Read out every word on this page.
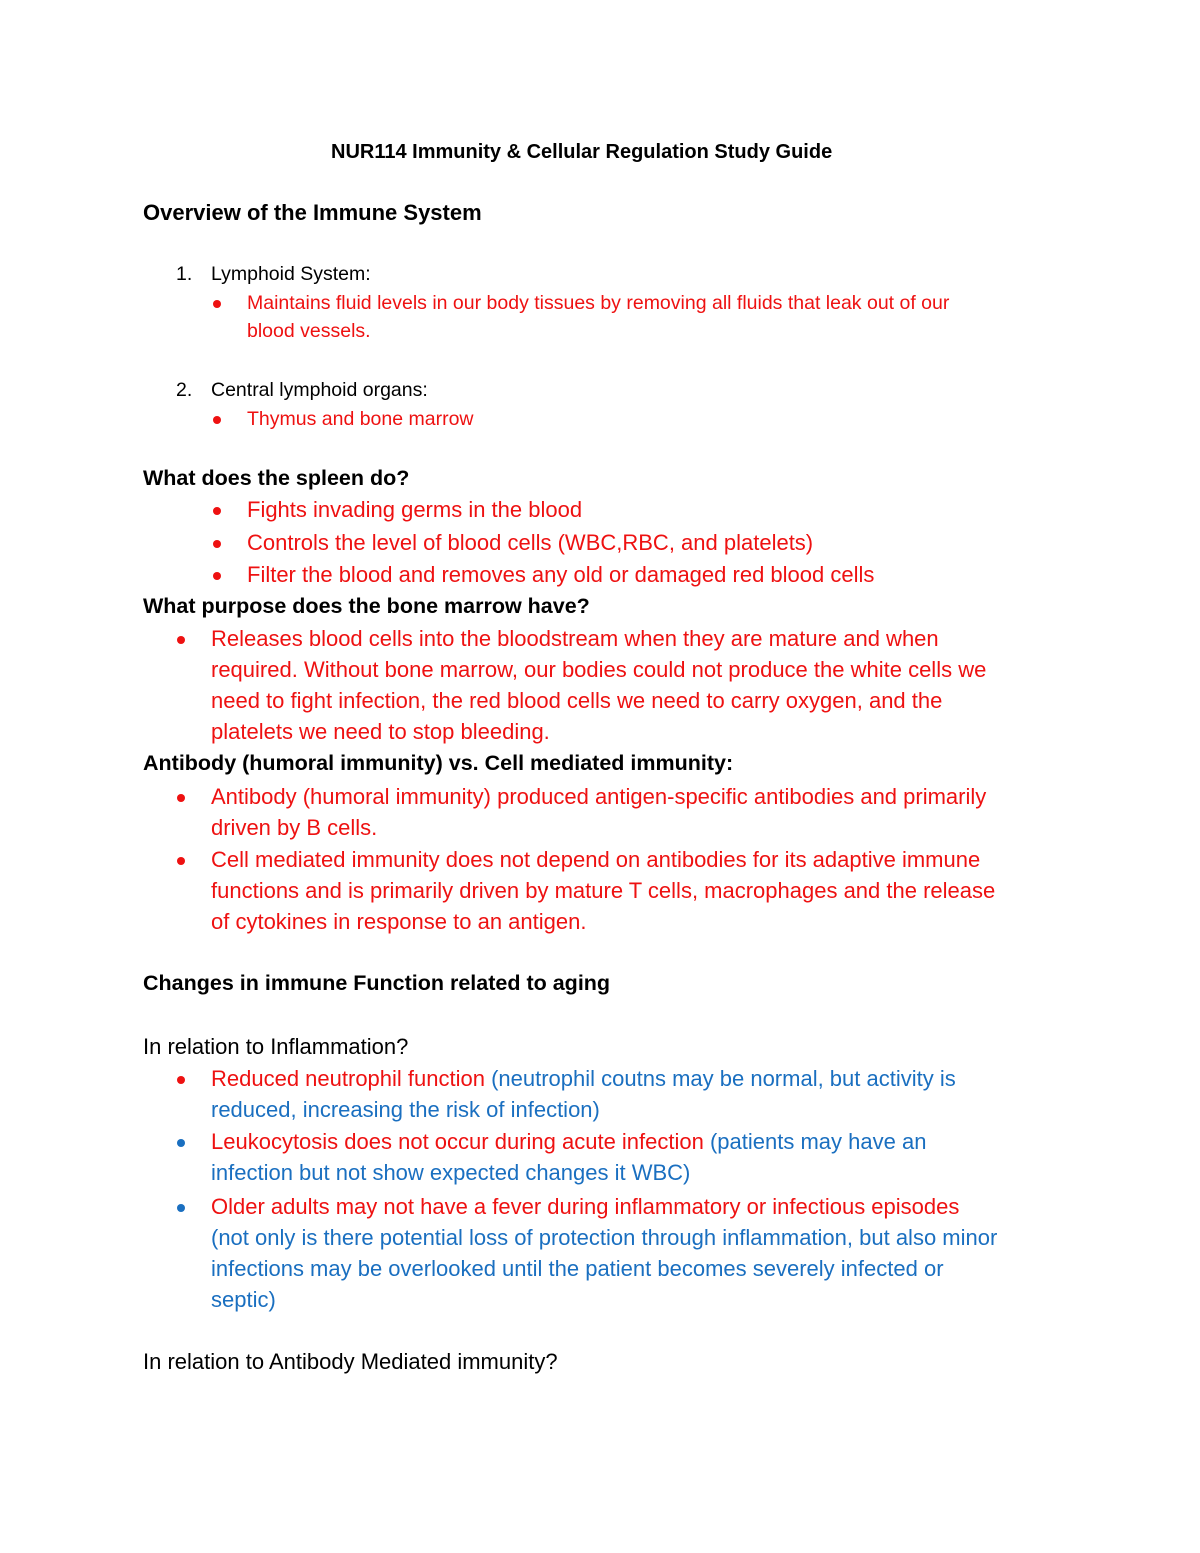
NUR114 Immunity & Cellular Regulation Study Guide
Overview of the Immune System
1. Lymphoid System:
Maintains fluid levels in our body tissues by removing all fluids that leak out of our
blood vessels.
2. Central lymphoid organs:
Thymus and bone marrow
What does the spleen do?
Fights invading germs in the blood
Controls the level of blood cells (WBC,RBC, and platelets)
Filter the blood and removes any old or damaged red blood cells
What purpose does the bone marrow have?
Releases blood cells into the bloodstream when they are mature and when
required. Without bone marrow, our bodies could not produce the white cells we
need to fight infection, the red blood cells we need to carry oxygen, and the
platelets we need to stop bleeding.
Antibody (humoral immunity) vs. Cell mediated immunity:
Antibody (humoral immunity) produced antigen-specific antibodies and primarily
driven by B cells.
Cell mediated immunity does not depend on antibodies for its adaptive immune
functions and is primarily driven by mature T cells, macrophages and the release
of cytokines in response to an antigen.
Changes in immune Function related to aging
In relation to Inflammation?
Reduced neutrophil function (neutrophil coutns may be normal, but activity is
reduced, increasing the risk of infection)
Leukocytosis does not occur during acute infection (patients may have an
infection but not show expected changes it WBC)
Older adults may not have a fever during inflammatory or infectious episodes
(not only is there potential loss of protection through inflammation, but also minor
infections may be overlooked until the patient becomes severely infected or
septic)
In relation to Antibody Mediated immunity?
